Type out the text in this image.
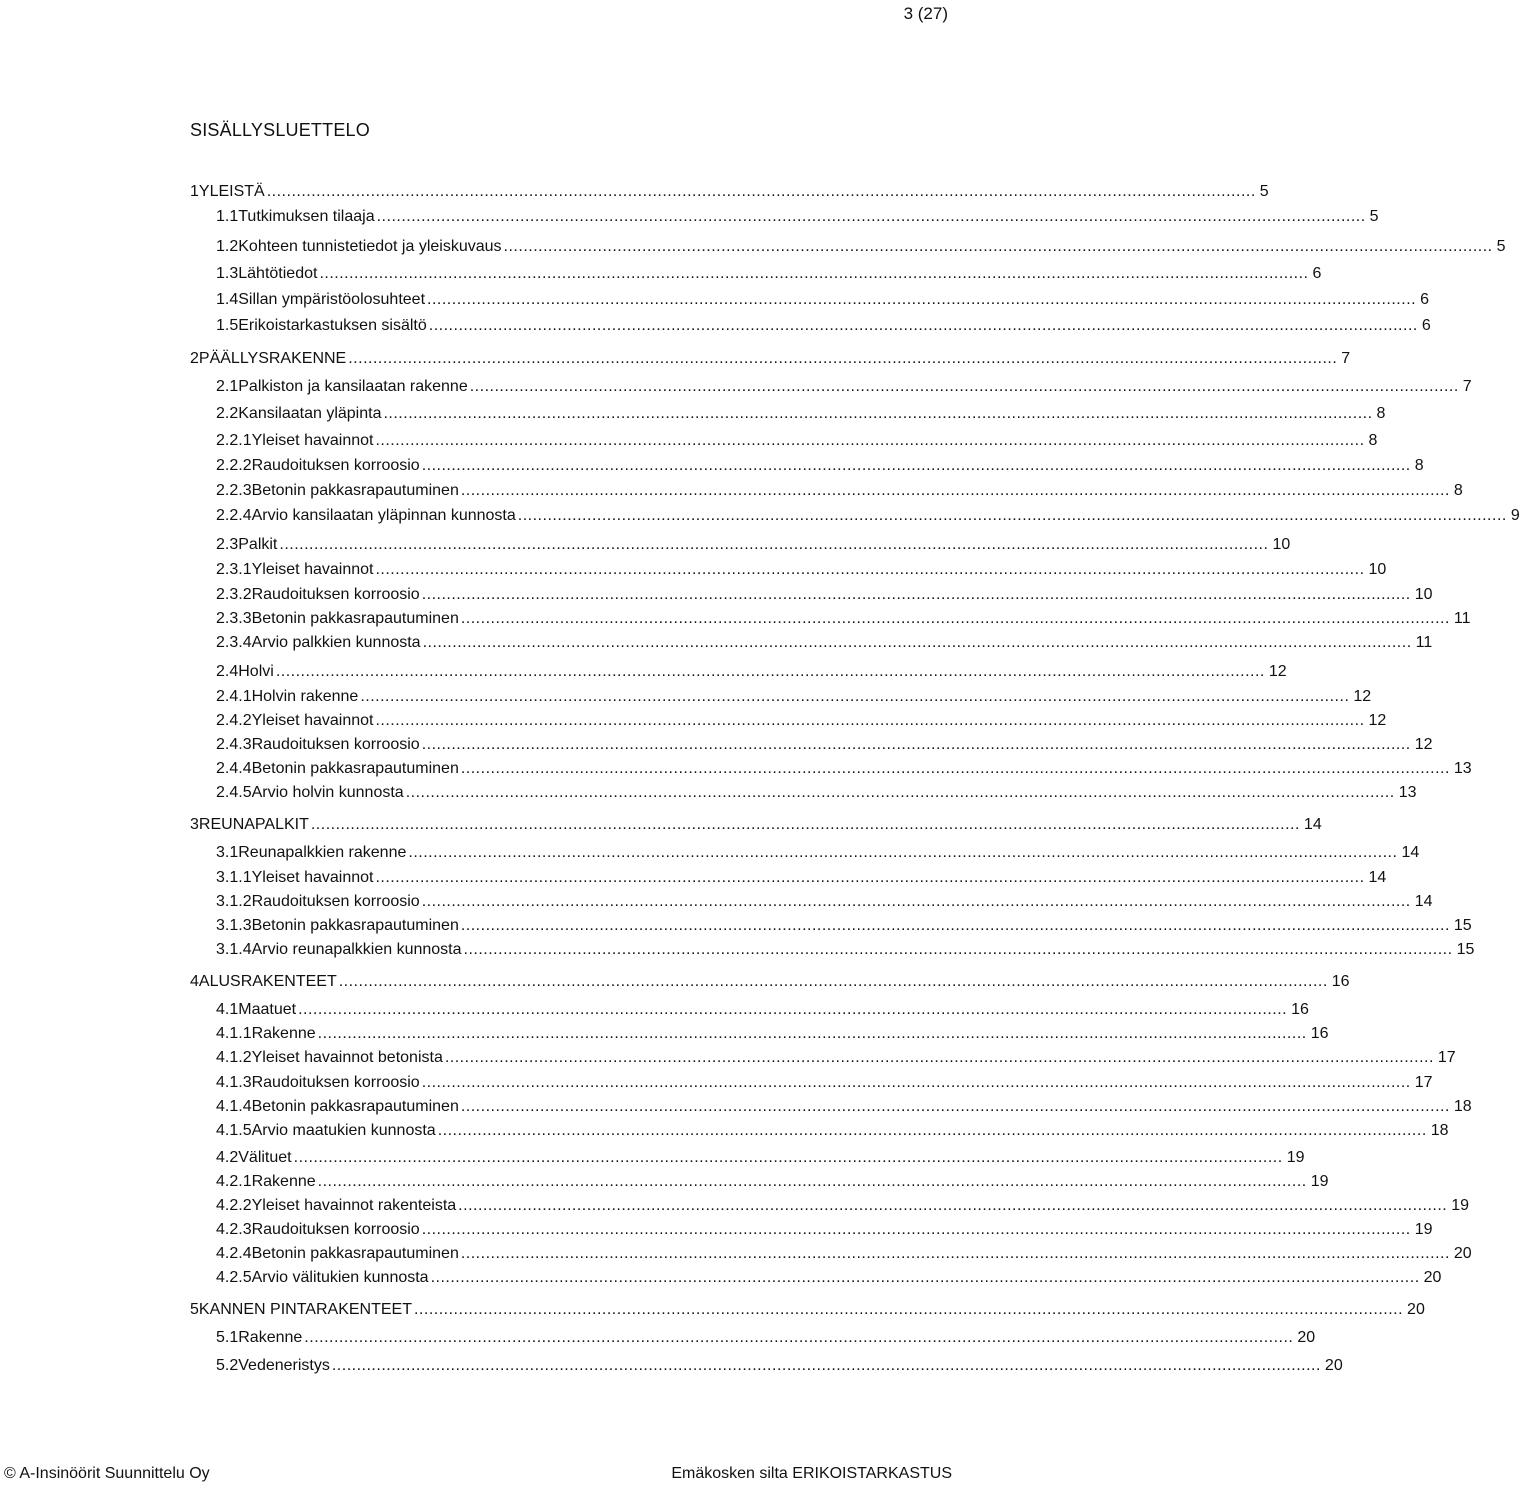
3 (27)
SISÄLLYSLUETTELO
1 YLEISTÄ ........................................................................................................................................................................................................ 5
1.1 Tutkimuksen tilaaja ........................................................................................................................................................................................................ 5
1.2 Kohteen tunnistetiedot ja yleiskuvaus ........................................................................................................................................................................................................ 5
1.3 Lähtötiedot ........................................................................................................................................................................................................ 6
1.4 Sillan ympäristöolosuhteet ........................................................................................................................................................................................................ 6
1.5 Erikoistarkastuksen sisältö ........................................................................................................................................................................................................ 6
2 PÄÄLLYSRAKENNE ........................................................................................................................................................................................................ 7
2.1 Palkiston ja kansilaatan rakenne ........................................................................................................................................................................................................ 7
2.2 Kansilaatan yläpinta ........................................................................................................................................................................................................ 8
2.2.1 Yleiset havainnot ........................................................................................................................................................................................................ 8
2.2.2 Raudoituksen korroosio ........................................................................................................................................................................................................ 8
2.2.3 Betonin pakkasrapautuminen ........................................................................................................................................................................................................ 8
2.2.4 Arvio kansilaatan yläpinnan kunnosta ........................................................................................................................................................................................................ 9
2.3 Palkit ........................................................................................................................................................................................................ 10
2.3.1 Yleiset havainnot ........................................................................................................................................................................................................ 10
2.3.2 Raudoituksen korroosio ........................................................................................................................................................................................................ 10
2.3.3 Betonin pakkasrapautuminen ........................................................................................................................................................................................................ 11
2.3.4 Arvio palkkien kunnosta ........................................................................................................................................................................................................ 11
2.4 Holvi ........................................................................................................................................................................................................ 12
2.4.1 Holvin rakenne ........................................................................................................................................................................................................ 12
2.4.2 Yleiset havainnot ........................................................................................................................................................................................................ 12
2.4.3 Raudoituksen korroosio ........................................................................................................................................................................................................ 12
2.4.4 Betonin pakkasrapautuminen ........................................................................................................................................................................................................ 13
2.4.5 Arvio holvin kunnosta ........................................................................................................................................................................................................ 13
3 REUNAPALKIT ........................................................................................................................................................................................................ 14
3.1 Reunapalkkien rakenne ........................................................................................................................................................................................................ 14
3.1.1 Yleiset havainnot ........................................................................................................................................................................................................ 14
3.1.2 Raudoituksen korroosio ........................................................................................................................................................................................................ 14
3.1.3 Betonin pakkasrapautuminen ........................................................................................................................................................................................................ 15
3.1.4 Arvio reunapalkkien kunnosta ........................................................................................................................................................................................................ 15
4 ALUSRAKENTEET ........................................................................................................................................................................................................ 16
4.1 Maatuet ........................................................................................................................................................................................................ 16
4.1.1 Rakenne ........................................................................................................................................................................................................ 16
4.1.2 Yleiset havainnot betonista ........................................................................................................................................................................................................ 17
4.1.3 Raudoituksen korroosio ........................................................................................................................................................................................................ 17
4.1.4 Betonin pakkasrapautuminen ........................................................................................................................................................................................................ 18
4.1.5 Arvio maatukien kunnosta ........................................................................................................................................................................................................ 18
4.2 Välituet ........................................................................................................................................................................................................ 19
4.2.1 Rakenne ........................................................................................................................................................................................................ 19
4.2.2 Yleiset havainnot rakenteista ........................................................................................................................................................................................................ 19
4.2.3 Raudoituksen korroosio ........................................................................................................................................................................................................ 19
4.2.4 Betonin pakkasrapautuminen ........................................................................................................................................................................................................ 20
4.2.5 Arvio välitukien kunnosta ........................................................................................................................................................................................................ 20
5 KANNEN PINTARAKENTEET ........................................................................................................................................................................................................ 20
5.1 Rakenne ........................................................................................................................................................................................................ 20
5.2 Vedeneristys ........................................................................................................................................................................................................ 20
© A-Insinöörit Suunnittelu Oy	Emäkosken silta ERIKOISTARKASTUS
